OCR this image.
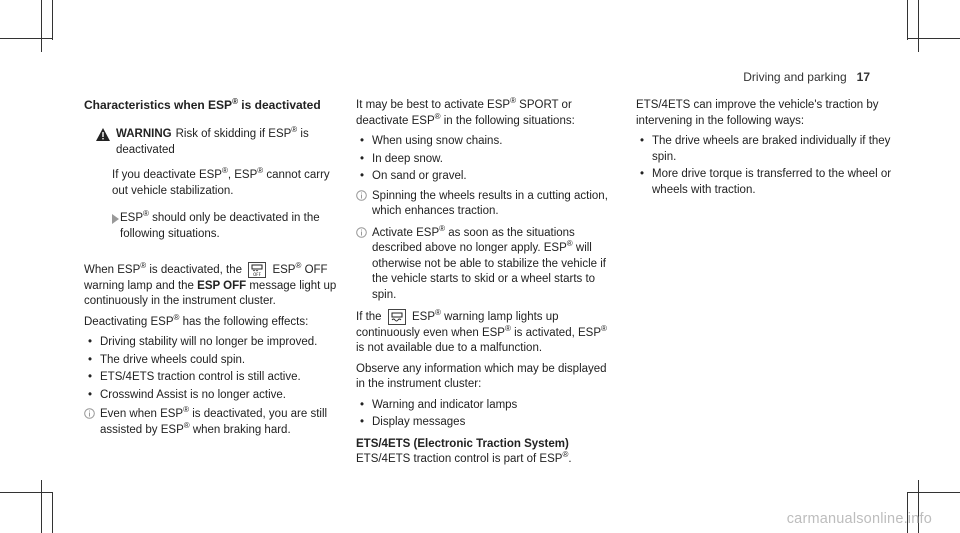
Driving and parking 17
Characteristics when ESP® is deactivated
WARNING Risk of skidding if ESP® is deactivated

If you deactivate ESP®, ESP® cannot carry out vehicle stabilization.

ESP® should only be deactivated in the following situations.

When ESP® is deactivated, the OFF ESP® OFF warning lamp and the ESP OFF message light up continuously in the instrument cluster.

Deactivating ESP® has the following effects:

• Driving stability will no longer be improved.
• The drive wheels could spin.
• ETS/4ETS traction control is still active.
• Crosswind Assist is no longer active.
Even when ESP® is deactivated, you are still assisted by ESP® when braking hard.

It may be best to activate ESP® SPORT or deactivate ESP® in the following situations:

• When using snow chains.
• In deep snow.
• On sand or gravel.
Spinning the wheels results in a cutting action, which enhances traction.
Activate ESP® as soon as the situations described above no longer apply. ESP® will otherwise not be able to stabilize the vehicle if the vehicle starts to skid or a wheel starts to spin.

If the
ESP® warning lamp lights up continuously even when ESP® is activated, ESP® is not available due to a malfunction.

Observe any information which may be displayed in the instrument cluster:

• Warning and indicator lamps
• Display messages
ETS/4ETS (Electronic Traction System)

ETS/4ETS traction control is part of ESP®.

ETS/4ETS can improve the vehicle's traction by intervening in the following ways:

• The drive wheels are braked individually if they spin.
• More drive torque is transferred to the wheel or wheels with traction.
carmanualsonline.info
